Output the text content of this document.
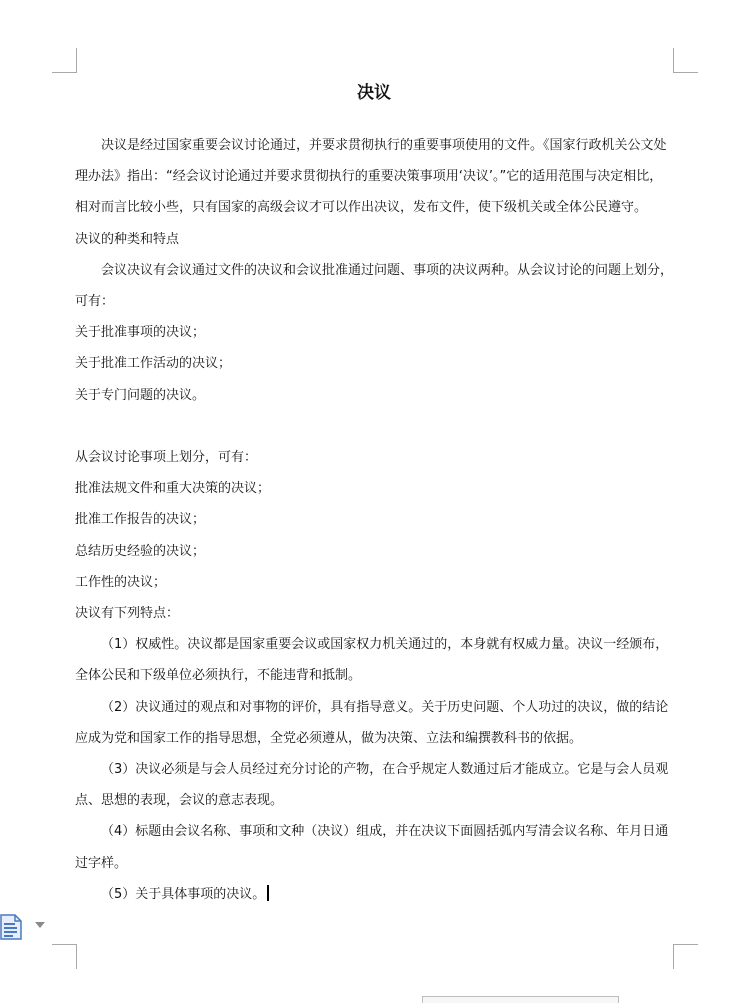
决议

决议是经过国家重要会议讨论通过，并要求贯彻执行的重要事项使用的文件。《国家行政机关公文处理办法》指出：“经会议讨论通过并要求贯彻执行的重要决策事项用‘决议’。”它的适用范围与决定相比，相对而言比较小些，只有国家的高级会议才可以作出决议，发布文件，使下级机关或全体公民遵守。

决议的种类和特点

会议决议有会议通过文件的决议和会议批准通过问题、事项的决议两种。从会议讨论的问题上划分，可有：

关于批准事项的决议；

关于批准工作活动的决议；

关于专门问题的决议。

从会议讨论事项上划分，可有：

批准法规文件和重大决策的决议；

批准工作报告的决议；

总结历史经验的决议；

工作性的决议；

决议有下列特点：

（1）权威性。决议都是国家重要会议或国家权力机关通过的，本身就有权威力量。决议一经颁布，全体公民和下级单位必须执行，不能违背和抵制。

（2）决议通过的观点和对事物的评价，具有指导意义。关于历史问题、个人功过的决议，做的结论应成为党和国家工作的指导思想，全党必须遵从，做为决策、立法和编撰教科书的依据。

（3）决议必须是与会人员经过充分讨论的产物，在合乎规定人数通过后才能成立。它是与会人员观点、思想的表现，会议的意志表现。

（4）标题由会议名称、事项和文种（决议）组成，并在决议下面圆括弧内写清会议名称、年月日通过字样。

（5）关于具体事项的决议。
